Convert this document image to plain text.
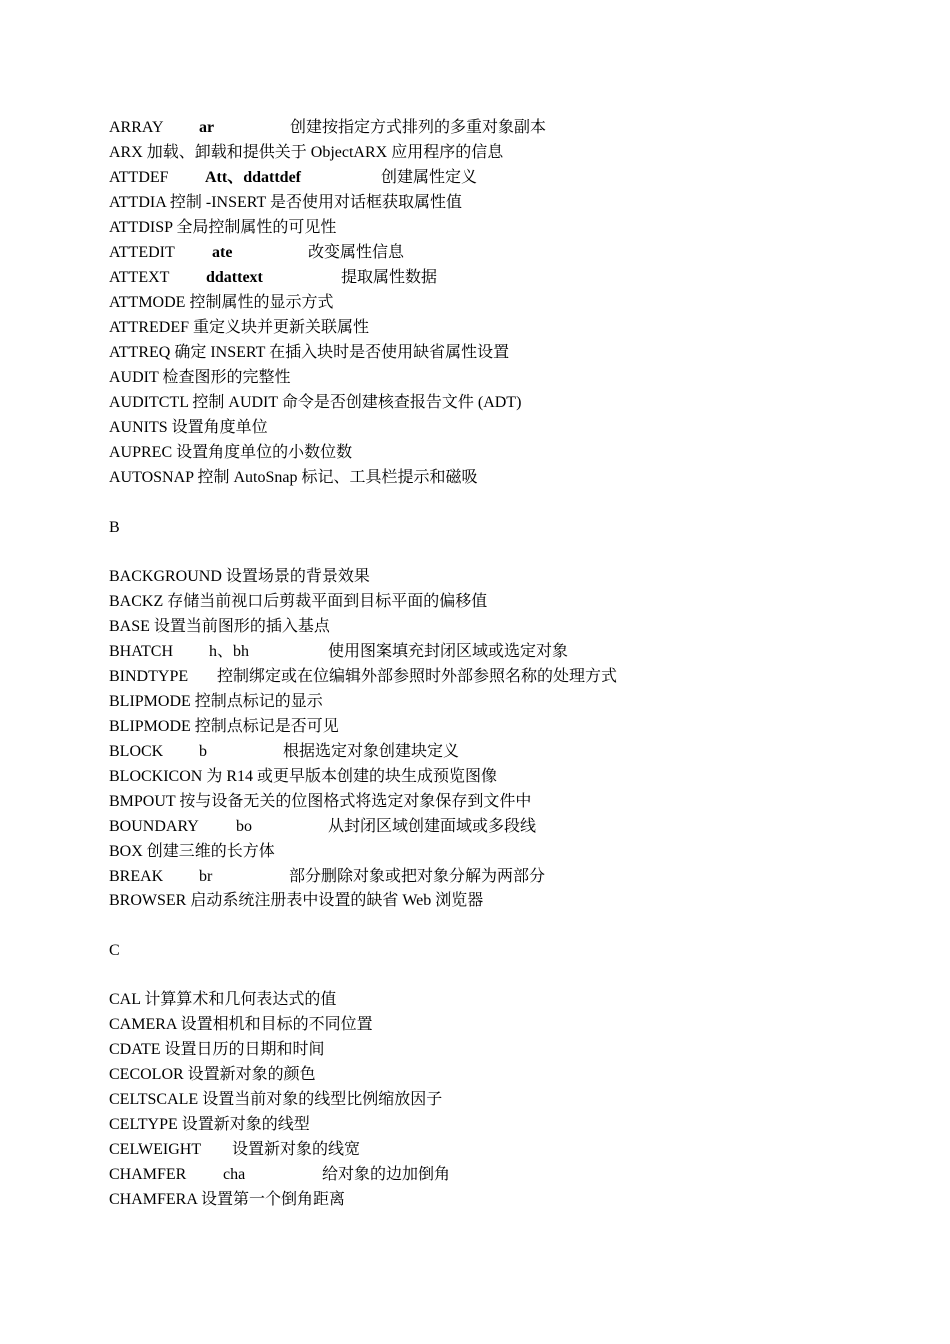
ARRAY ar	创建按指定方式排列的多重对象副本
ARX 加载、卸载和提供关于 ObjectARX 应用程序的信息
ATTDEF Att、ddattdef	创建属性定义
ATTDIA 控制 -INSERT 是否使用对话框获取属性值
ATTDISP 全局控制属性的可见性
ATTEDIT ate	改变属性信息
ATTEXT ddattext	提取属性数据
ATTMODE 控制属性的显示方式
ATTREDEF 重定义块并更新关联属性
ATTREQ 确定 INSERT 在插入块时是否使用缺省属性设置
AUDIT 检查图形的完整性
AUDITCTL 控制 AUDIT 命令是否创建核查报告文件 (ADT)
AUNITS 设置角度单位
AUPREC 设置角度单位的小数位数
AUTOSNAP 控制 AutoSnap 标记、工具栏提示和磁吸
B
BACKGROUND 设置场景的背景效果
BACKZ 存储当前视口后剪裁平面到目标平面的偏移值
BASE 设置当前图形的插入基点
BHATCH h、bh	使用图案填充封闭区域或选定对象
BINDTYPE 控制绑定或在位编辑外部参照时外部参照名称的处理方式
BLIPMODE 控制点标记的显示
BLIPMODE 控制点标记是否可见
BLOCK b	根据选定对象创建块定义
BLOCKICON 为 R14 或更早版本创建的块生成预览图像
BMPOUT 按与设备无关的位图格式将选定对象保存到文件中
BOUNDARY bo	从封闭区域创建面域或多段线
BOX 创建三维的长方体
BREAK br	部分删除对象或把对象分解为两部分
BROWSER 启动系统注册表中设置的缺省 Web 浏览器
C
CAL 计算算术和几何表达式的值
CAMERA 设置相机和目标的不同位置
CDATE 设置日历的日期和时间
CECOLOR 设置新对象的颜色
CELTSCALE 设置当前对象的线型比例缩放因子
CELTYPE 设置新对象的线型
CELWEIGHT 设置新对象的线宽
CHAMFER cha	给对象的边加倒角
CHAMFERA 设置第一个倒角距离
